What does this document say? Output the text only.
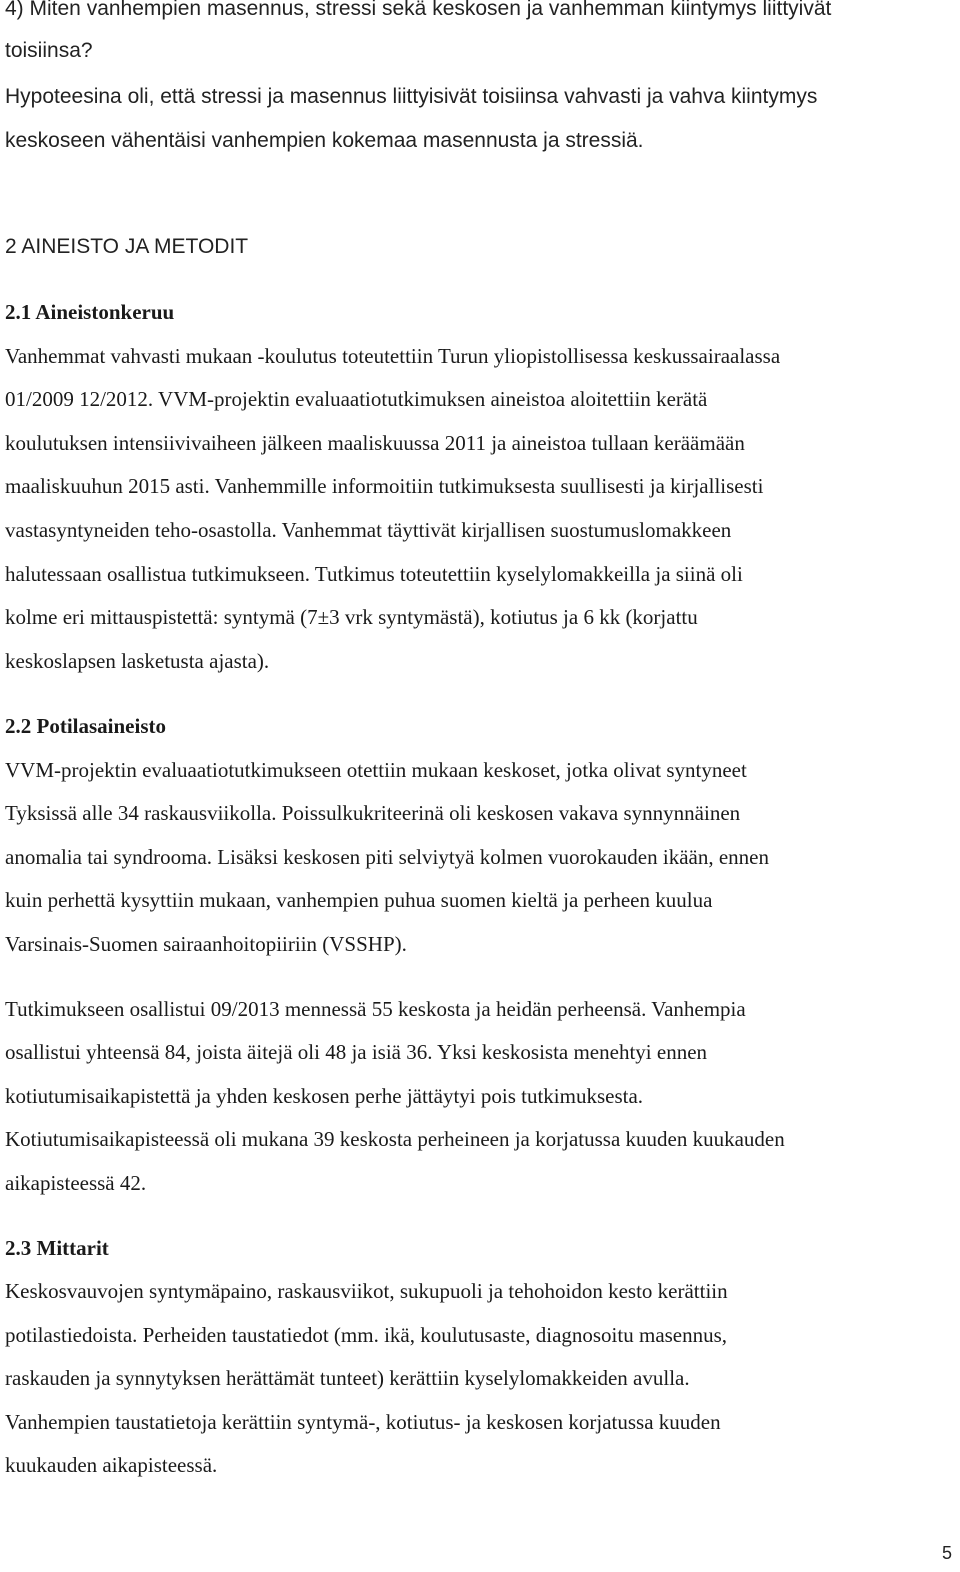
4) Miten vanhempien masennus, stressi sekä keskosen ja vanhemman kiintymys liittyivät
toisiinsa?
Hypoteesina oli, että stressi ja masennus liittyisivät toisiinsa vahvasti ja vahva kiintymys
keskoseen vähentäisi vanhempien kokemaa masennusta ja stressiä.
2 AINEISTO JA METODIT
2.1 Aineistonkeruu
Vanhemmat vahvasti mukaan -koulutus toteutettiin Turun yliopistollisessa keskussairaalassa
01/2009 12/2012. VVM-projektin evaluaatiotutkimuksen aineistoa aloitettiin kerätä
koulutuksen intensiivivaiheen jälkeen maaliskuussa 2011 ja aineistoa tullaan keräämään
maaliskuuhun 2015 asti. Vanhemmille informoitiin tutkimuksesta suullisesti ja kirjallisesti
vastasyntyneiden teho-osastolla. Vanhemmat täyttivät kirjallisen suostumuslomakkeen
halutessaan osallistua tutkimukseen. Tutkimus toteutettiin kyselylomakkeilla ja siinä oli
kolme eri mittauspistettä: syntymä (7±3 vrk syntymästä), kotiutus ja 6 kk (korjattu
keskoslapsen lasketusta ajasta).
2.2 Potilasaineisto
VVM-projektin evaluaatiotutkimukseen otettiin mukaan keskoset, jotka olivat syntyneet
Tyksissä alle 34 raskausviikolla. Poissulkukriteerinä oli keskosen vakava synnynnäinen
anomalia tai syndrooma. Lisäksi keskosen piti selviytyä kolmen vuorokauden ikään, ennen
kuin perhettä kysyttiin mukaan, vanhempien puhua suomen kieltä ja perheen kuulua
Varsinais-Suomen sairaanhoitopiiriin (VSSHP).
Tutkimukseen osallistui 09/2013 mennessä 55 keskosta ja heidän perheensä. Vanhempia
osallistui yhteensä 84, joista äitejä oli 48 ja isiä 36. Yksi keskosista menehtyi ennen
kotiutumisaikapistettä ja yhden keskosen perhe jättäytyi pois tutkimuksesta.
Kotiutumisaikapisteessä oli mukana 39 keskosta perheineen ja korjatussa kuuden kuukauden
aikapisteessä 42.
2.3 Mittarit
Keskosvauvojen syntymäpaino, raskausviikot, sukupuoli ja tehohoidon kesto kerättiin
potilastiedoista. Perheiden taustatiedot (mm. ikä, koulutusaste, diagnosoitu masennus,
raskauden ja synnytyksen herättämät tunteet) kerättiin kyselylomakkeiden avulla.
Vanhempien taustatietoja kerättiin syntymä-, kotiutus- ja keskosen korjatussa kuuden
kuukauden aikapisteessä.
5
